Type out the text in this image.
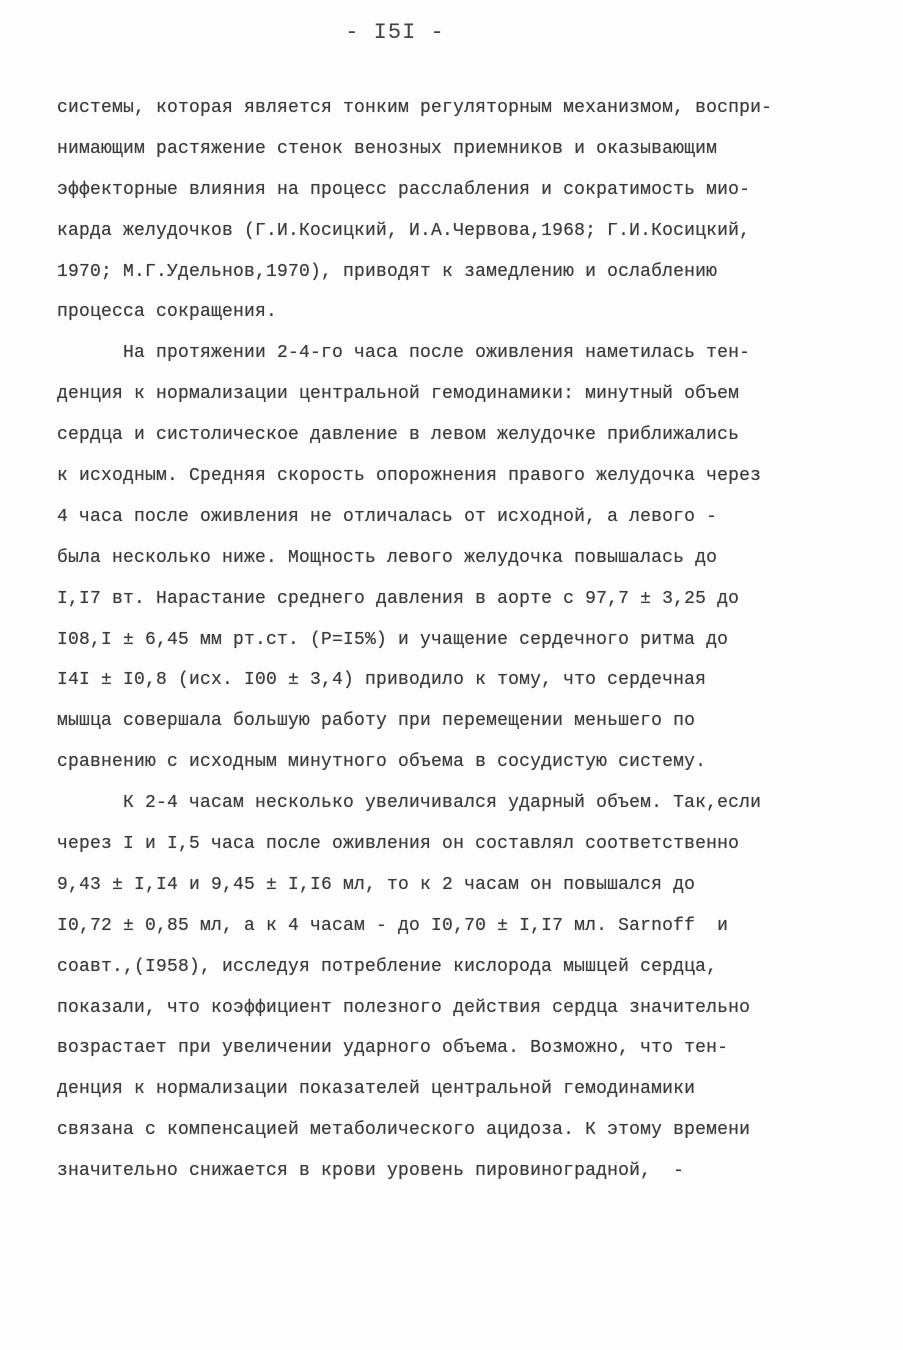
- I5I -
системы, которая является тонким регуляторным механизмом, воспри-
нимающим растяжение стенок венозных приемников и оказывающим
эффекторные влияния на процесс расслабления и сократимость мио-
карда желудочков (Г.И.Косицкий, И.А.Червова,1968; Г.И.Косицкий,
1970; М.Г.Удельнов,1970), приводят к замедлению и ослаблению
процесса сокращения.
На протяжении 2-4-го часа после оживления наметилась тен-
денция к нормализации центральной гемодинамики: минутный объем
сердца и систолическое давление в левом желудочке приближались
к исходным. Средняя скорость опорожнения правого желудочка через
4 часа после оживления не отличалась от исходной, а левого -
была несколько ниже. Мощность левого желудочка повышалась до
I,I7 вт. Нарастание среднего давления в аорте с 97,7 ± 3,25 до
I08,I ± 6,45 мм рт.ст. (P=I5%) и учащение сердечного ритма до
I4I ± I0,8 (исх. I00 ± 3,4) приводило к тому, что сердечная
мышца совершала большую работу при перемещении меньшего по
сравнению с исходным минутного объема в сосудистую систему.
К 2-4 часам несколько увеличивался ударный объем. Так,если
через I и I,5 часа после оживления он составлял соответственно
9,43 ± I,I4 и 9,45 ± I,I6 мл, то к 2 часам он повышался до
I0,72 ± 0,85 мл, а к 4 часам - до I0,70 ± I,I7 мл. Sarnoff  и
соавт.,(I958), исследуя потребление кислорода мышцей сердца,
показали, что коэффициент полезного действия сердца значительно
возрастает при увеличении ударного объема. Возможно, что тен-
денция к нормализации показателей центральной гемодинамики
связана с компенсацией метаболического ацидоза. К этому времени
значительно снижается в крови уровень пировиноградной,  -
